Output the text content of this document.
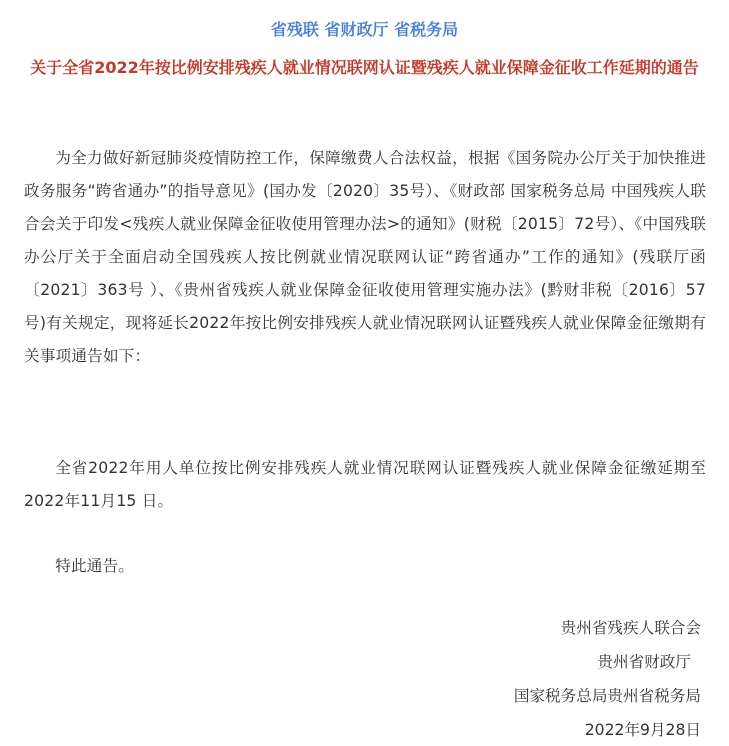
省残联 省财政厅 省税务局
关于全省2022年按比例安排残疾人就业情况联网认证暨残疾人就业保障金征收工作延期的通告

为全力做好新冠肺炎疫情防控工作，保障缴费人合法权益，根据《国务院办公厅关于加快推进政务服务“跨省通办”的指导意见》(国办发〔2020〕35号）、《财政部 国家税务总局 中国残疾人联合会关于印发<残疾人就业保障金征收使用管理办法>的通知》(财税〔2015〕72号）、《中国残联办公厅关于全面启动全国残疾人按比例就业情况联网认证“跨省通办”工作的通知》(残联厅函〔2021〕363号 ）、《贵州省残疾人就业保障金征收使用管理实施办法》(黔财非税〔2016〕57号)有关规定，现将延长2022年按比例安排残疾人就业情况联网认证暨残疾人就业保障金征缴期有关事项通告如下：

全省2022年用人单位按比例安排残疾人就业情况联网认证暨残疾人就业保障金征缴延期至2022年11月15 日。

特此通告。

贵州省残疾人联合会

贵州省财政厅

国家税务总局贵州省税务局

2022年9月28日
